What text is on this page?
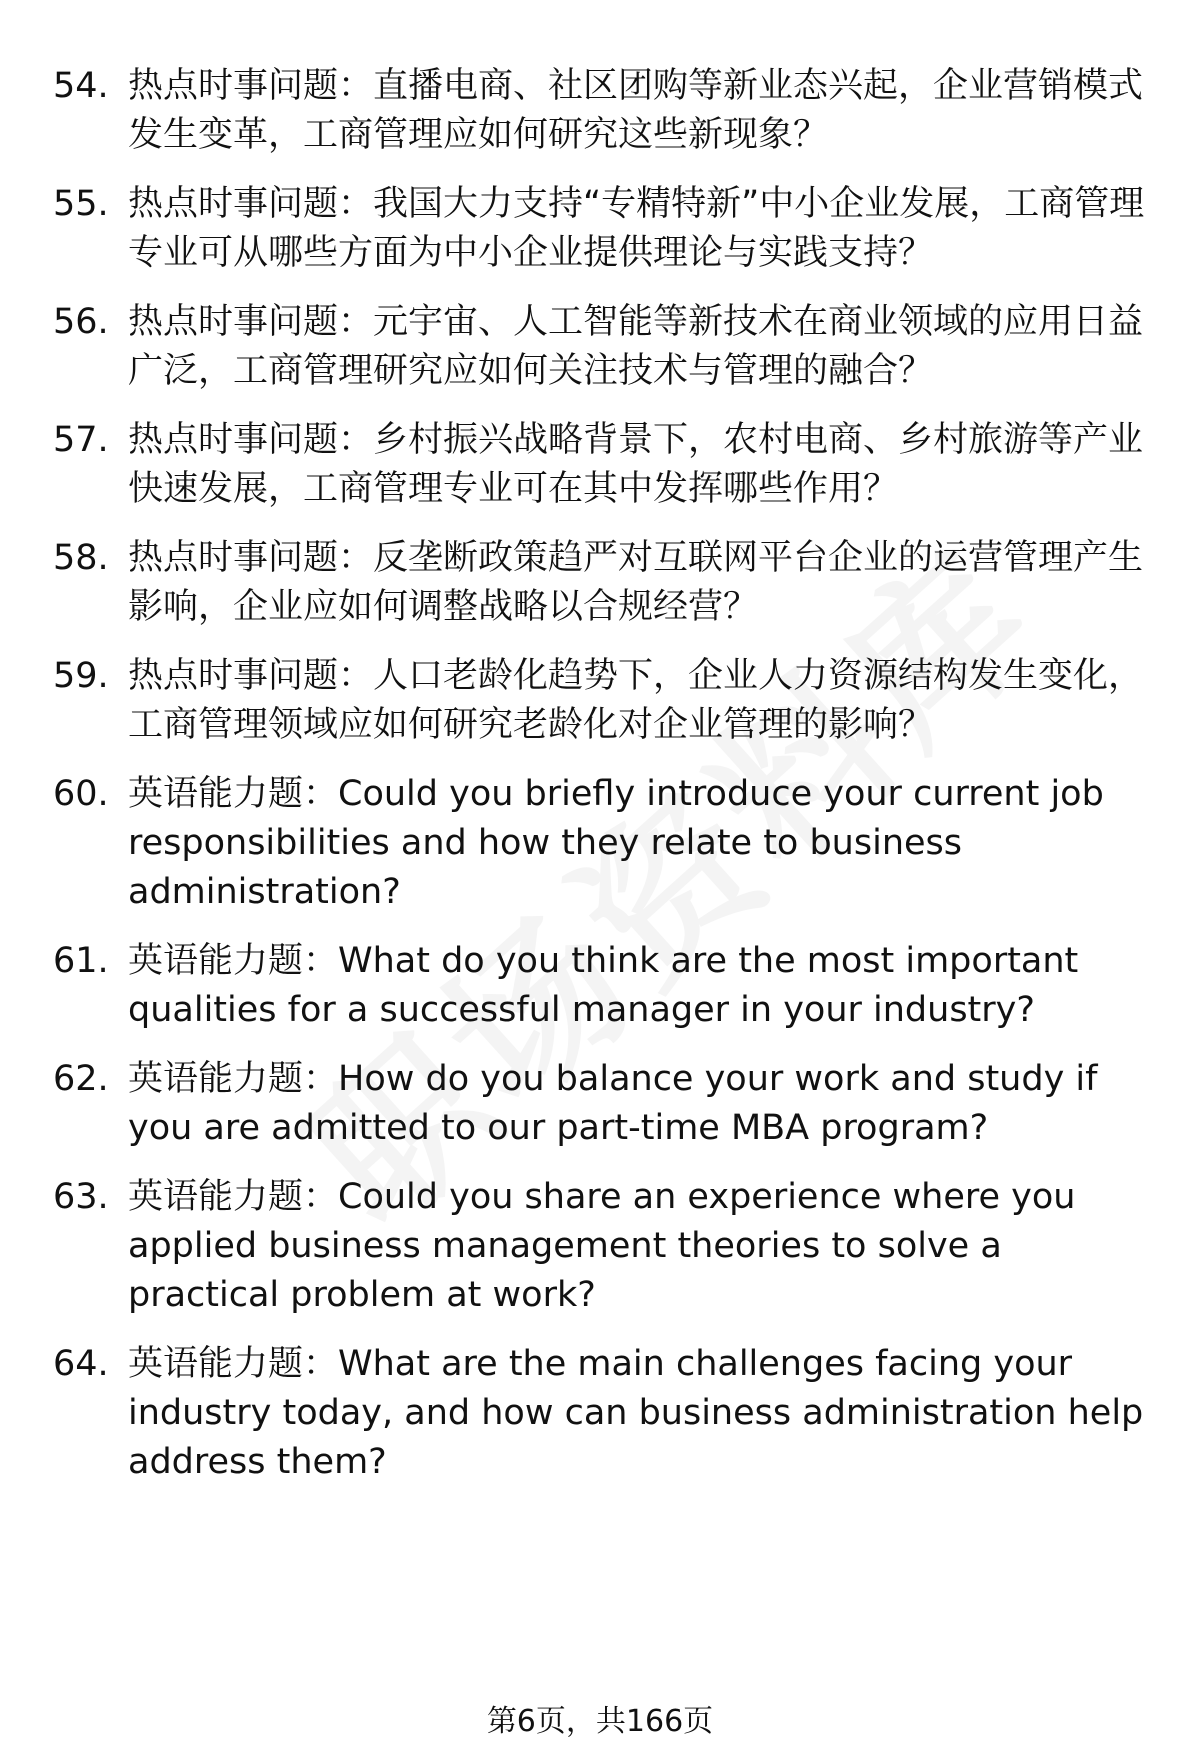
54. 热点时事问题：直播电商、社区团购等新业态兴起，企业营销模式发生变革，工商管理应如何研究这些新现象？
55. 热点时事问题：我国大力支持“专精特新”中小企业发展，工商管理专业可从哪些方面为中小企业提供理论与实践支持？
56. 热点时事问题：元宇宙、人工智能等新技术在商业领域的应用日益广泛，工商管理研究应如何关注技术与管理的融合？
57. 热点时事问题：乡村振兴战略背景下，农村电商、乡村旅游等产业快速发展，工商管理专业可在其中发挥哪些作用？
58. 热点时事问题：反垄断政策趋严对互联网平台企业的运营管理产生影响，企业应如何调整战略以合规经营？
59. 热点时事问题：人口老龄化趋势下，企业人力资源结构发生变化，工商管理领域应如何研究老龄化对企业管理的影响？
60. 英语能力题：Could you briefly introduce your current job responsibilities and how they relate to business administration?
61. 英语能力题：What do you think are the most important qualities for a successful manager in your industry?
62. 英语能力题：How do you balance your work and study if you are admitted to our part-time MBA program?
63. 英语能力题：Could you share an experience where you applied business management theories to solve a practical problem at work?
64. 英语能力题：What are the main challenges facing your industry today, and how can business administration help address them?
第6页，共166页
